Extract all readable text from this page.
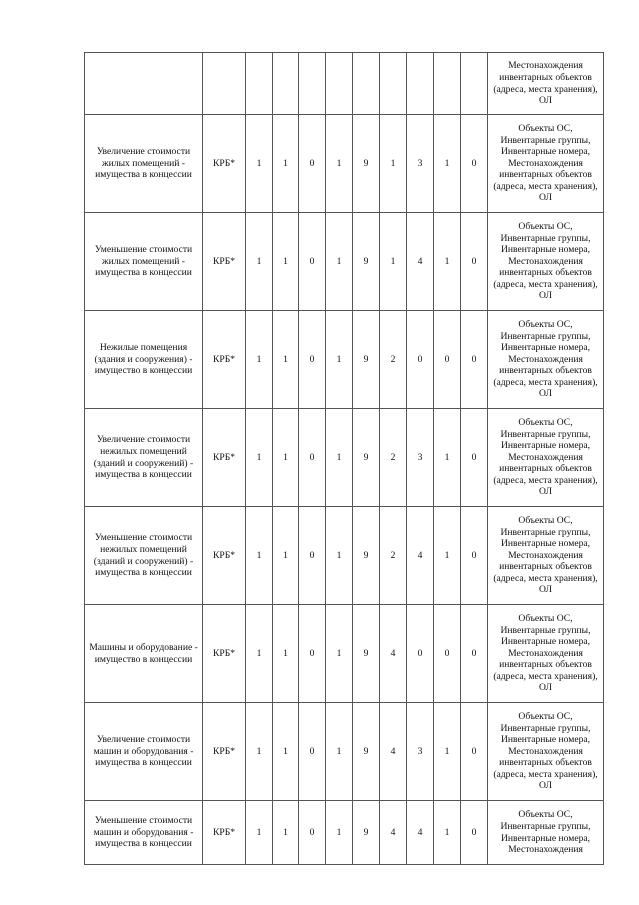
											Местонахождения инвентарных объектов (адреса, места хранения), ОЛ
Увеличение стоимости жилых помещений - имущества в концессии	КРБ*	1	1	0	1	9	1	3	1	0	Объекты ОС, Инвентарные группы, Инвентарные номера, Местонахождения инвентарных объектов (адреса, места хранения), ОЛ
Уменьшение стоимости жилых помещений - имущества в концессии	КРБ*	1	1	0	1	9	1	4	1	0	Объекты ОС, Инвентарные группы, Инвентарные номера, Местонахождения инвентарных объектов (адреса, места хранения), ОЛ
Нежилые помещения (здания и сооружения) - имущество в концессии	КРБ*	1	1	0	1	9	2	0	0	0	Объекты ОС, Инвентарные группы, Инвентарные номера, Местонахождения инвентарных объектов (адреса, места хранения), ОЛ
Увеличение стоимости нежилых помещений (зданий и сооружений) - имущества в концессии	КРБ*	1	1	0	1	9	2	3	1	0	Объекты ОС, Инвентарные группы, Инвентарные номера, Местонахождения инвентарных объектов (адреса, места хранения), ОЛ
Уменьшение стоимости нежилых помещений (зданий и сооружений) - имущества в концессии	КРБ*	1	1	0	1	9	2	4	1	0	Объекты ОС, Инвентарные группы, Инвентарные номера, Местонахождения инвентарных объектов (адреса, места хранения), ОЛ
Машины и оборудование - имущество в концессии	КРБ*	1	1	0	1	9	4	0	0	0	Объекты ОС, Инвентарные группы, Инвентарные номера, Местонахождения инвентарных объектов (адреса, места хранения), ОЛ
Увеличение стоимости машин и оборудования - имущества в концессии	КРБ*	1	1	0	1	9	4	3	1	0	Объекты ОС, Инвентарные группы, Инвентарные номера, Местонахождения инвентарных объектов (адреса, места хранения), ОЛ
Уменьшение стоимости машин и оборудования - имущества в концессии	КРБ*	1	1	0	1	9	4	4	1	0	Объекты ОС, Инвентарные группы, Инвентарные номера, Местонахождения
